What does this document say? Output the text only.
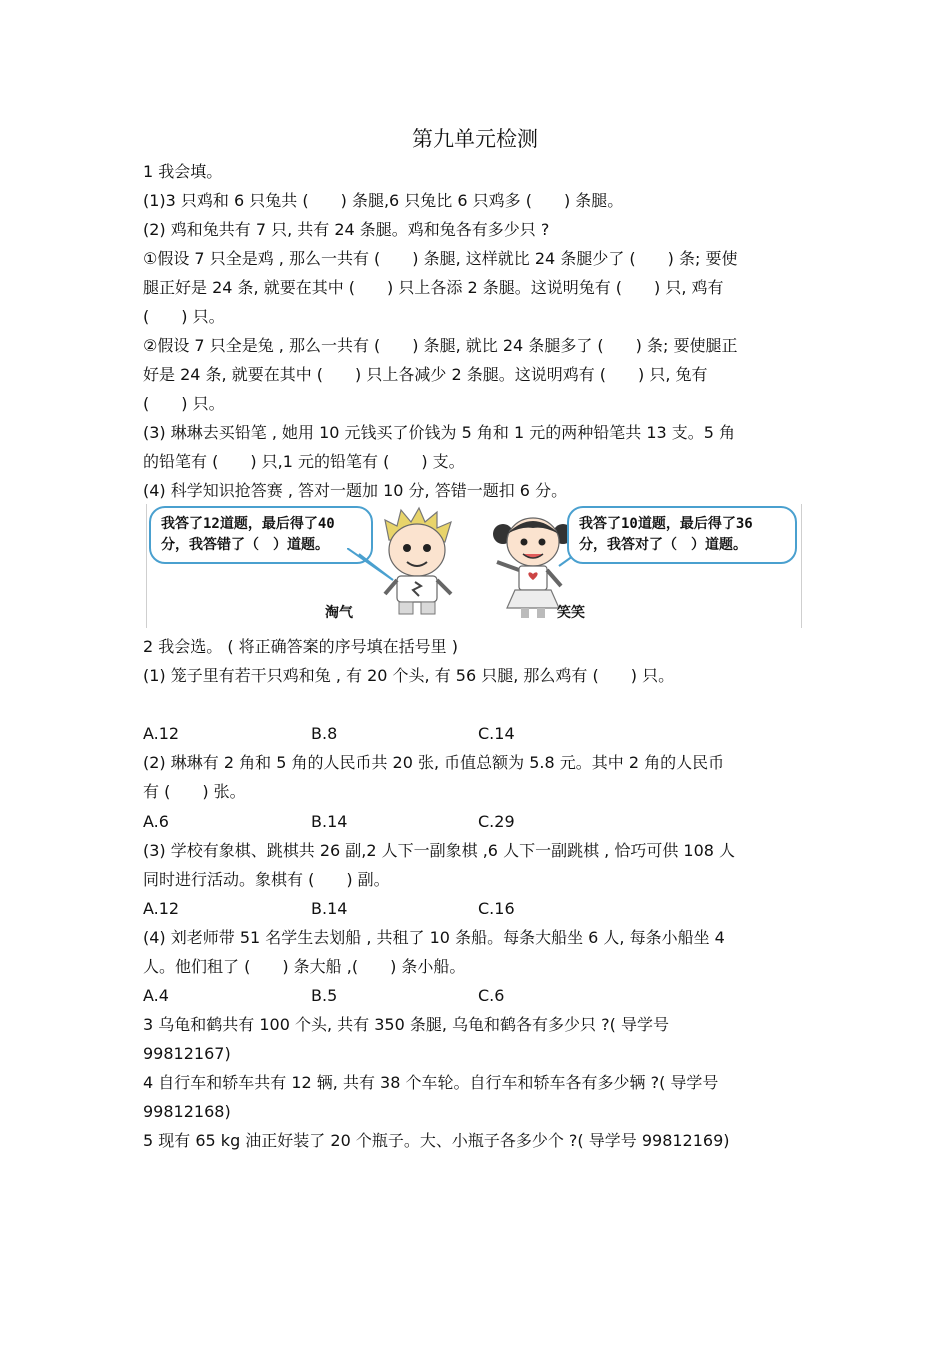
第九单元检测
1 我会填。
(1)3 只鸡和 6 只兔共 (　　) 条腿,6 只兔比 6 只鸡多 (　　) 条腿。
(2) 鸡和兔共有 7 只, 共有 24 条腿。鸡和兔各有多少只 ?
①假设 7 只全是鸡 , 那么一共有 (　　) 条腿, 这样就比 24 条腿少了 (　　) 条; 要使
腿正好是 24 条, 就要在其中 (　　) 只上各添 2 条腿。这说明兔有 (　　) 只, 鸡有
(　　) 只。
②假设 7 只全是兔 , 那么一共有 (　　) 条腿, 就比 24 条腿多了 (　　) 条; 要使腿正
好是 24 条, 就要在其中 (　　) 只上各减少 2 条腿。这说明鸡有 (　　) 只, 兔有
(　　) 只。
(3) 琳琳去买铅笔 , 她用 10 元钱买了价钱为 5 角和 1 元的两种铅笔共 13 支。5 角
的铅笔有 (　　) 只,1 元的铅笔有 (　　) 支。
(4) 科学知识抢答赛 , 答对一题加 10 分, 答错一题扣 6 分。
我答了12道题，最后得了40
分，我答错了（　）道题。
淘气	笑笑
我答了10道题，最后得了36
分，我答对了（　）道题。
2 我会选。 ( 将正确答案的序号填在括号里 )
(1) 笼子里有若干只鸡和兔 , 有 20 个头, 有 56 只腿, 那么鸡有 (　　) 只。
A.12	B.8	C.14
(2) 琳琳有 2 角和 5 角的人民币共 20 张, 币值总额为 5.8 元。其中 2 角的人民币
有 (　　) 张。
A.6	B.14	C.29
(3) 学校有象棋、跳棋共 26 副,2 人下一副象棋 ,6 人下一副跳棋 , 恰巧可供 108 人
同时进行活动。象棋有 (　　) 副。
A.12	B.14	C.16
(4) 刘老师带 51 名学生去划船 , 共租了 10 条船。每条大船坐 6 人, 每条小船坐 4
人。他们租了 (　　) 条大船 ,(　　) 条小船。
A.4	B.5	C.6
3 乌龟和鹤共有 100 个头, 共有 350 条腿, 乌龟和鹤各有多少只 ?( 导学号
99812167)
4 自行车和轿车共有 12 辆, 共有 38 个车轮。自行车和轿车各有多少辆 ?( 导学号
99812168)
5 现有 65 kg 油正好装了 20 个瓶子。大、小瓶子各多少个 ?( 导学号 99812169)
